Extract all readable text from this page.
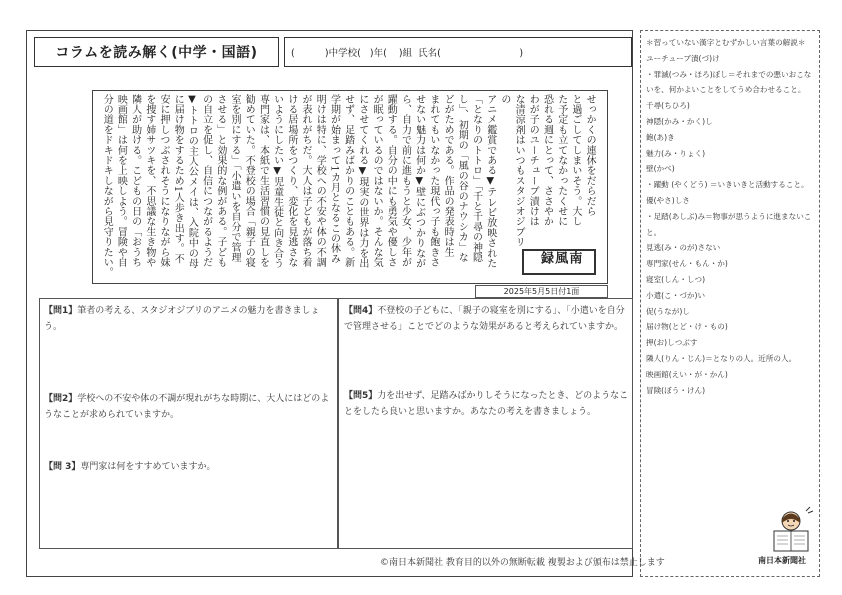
コラムを読み解く(中学・国語)	(          )中学校(   )年(    )組  氏名(                          )
南風録
せっかくの連休をだらだら
と過ごしてしまいそう。大し
た予定も立てなかったくせに
恐れる週にとって、ささやか
わが子のユーチューブ漬けは
な清涼剤はいつもスタジオジブリの
アニメ鑑賞である▼テレビ放映された
「となりのトトロ」「千と千尋の神隠
し」、初期の「風の谷のナウシカ」な
どがためである。作品の発表時は生
まれてもいなかった現代っ子も飽きさ
せない魅力は何か▼壁にぶつかりなが
ら、自力で前に進もうと少女、少年が
躍動する。自分の中にも勇気や優しさ
が眠っているのではないか。そんな気
にさせてくれる▼現実の世界は力を出
せず、足踏みばかりのこともある。新
学期が始まって1カ月となるこの休み
明けは特に、学校への不安や体の不調
が表れがちだ。大人は子どもが落ち着
ける居場所をつくり、変化を見逃さな
いようにしたい▼児童生徒と向き合う
専門家は、本紙で生活習慣の見直しを
勧めていた。不登校の場合「親子の寝
室を別にする」「小遣いを自分で管理
させる」と効果的な例がある。子ども
の自立を促し、自信につながるようだ
▼トトロの主人公メイは、入院中の母
に届け物をするため1人歩き出す。不
安に押しつぶされそうになりながら妹
を捜す姉サツキを、不思議な生き物や
隣人が助ける。こどもの日の「おうち
映画館」は何を上映しよう。冒険や自
分の道をドキドキしながら見守りたい。
2025年5月5日付1面
【問1】筆者の考える、スタジオジブリのアニメの魅力を書きましょう。
【問2】学校への不安や体の不調が現れがちな時期に、大人にはどのようなことが求められていますか。
【問 3】専門家は何をすすめていますか。
【問4】不登校の子どもに、「親子の寝室を別にする」、「小遣いを自分で管理させる」ことでどのような効果があると考えられていますか。
【問5】力を出せず、足踏みばかりしそうになったとき、どのようなことをしたら良いと思いますか。あなたの考えを書きましょう。
＊習っていない漢字とむずかしい言葉の解説＊
ユーチューブ漬(づ)け
・罪滅(つみ・ほろ)ぼし＝それまでの悪いおこないを、何かよいことをしてうめ合わせること。
千尋(ちひろ)
神隠(かみ・かく)し
飽(あ)き
魅力(み・りょく)
壁(かべ)
・躍動 (やくどう) ＝いきいきと活動すること。
優(やさ)しさ
・足踏(あしぶ)み＝物事が思うように進まないこと。
見逃(み・のが)さない
専門家(せん・もん・か)
寝室(しん・しつ)
小遣(こ・づか)い
促(うなが)し
届け物(とど・け・もの)
押(お)しつぶす
隣人(りん・じん)＝となりの人。近所の人。
映画館(えい・が・かん)
冒険(ぼう・けん)
©南日本新聞社 教育目的以外の無断転載 複製および頒布は禁止します	南日本新聞社
